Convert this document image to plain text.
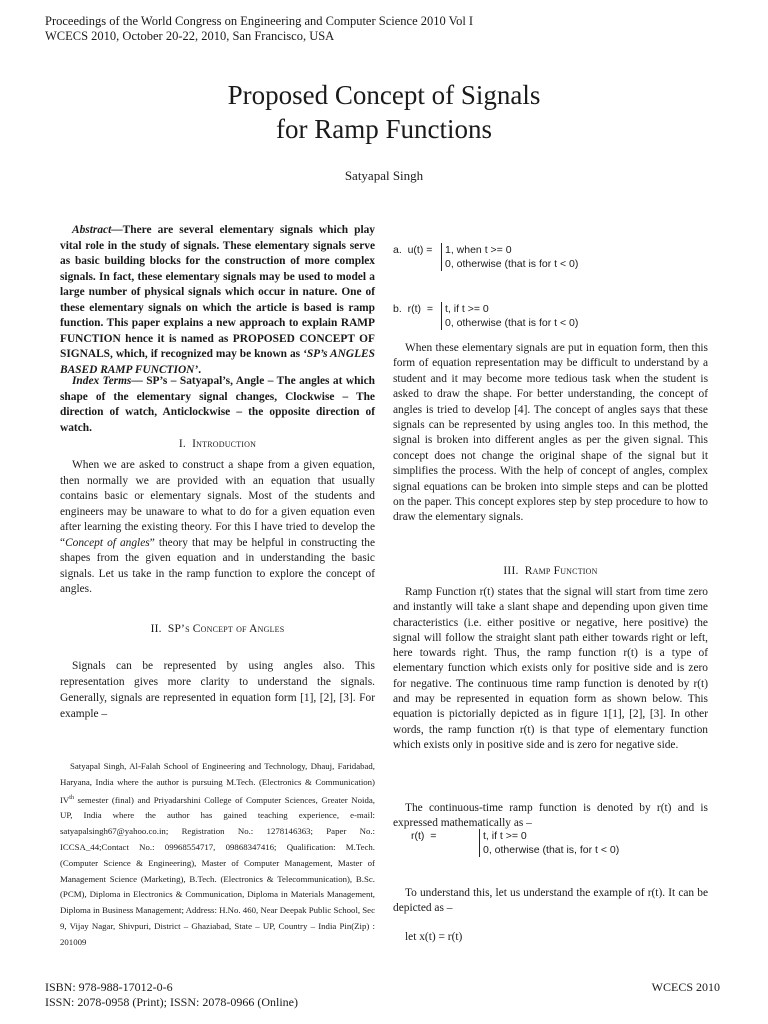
Proceedings of the World Congress on Engineering and Computer Science 2010 Vol I
WCECS 2010, October 20-22, 2010, San Francisco, USA
Proposed Concept of Signals
for Ramp Functions
Satyapal Singh
Abstract—There are several elementary signals which play vital role in the study of signals. These elementary signals serve as basic building blocks for the construction of more complex signals. In fact, these elementary signals may be used to model a large number of physical signals which occur in nature. One of these elementary signals on which the article is based is ramp function. This paper explains a new approach to explain RAMP FUNCTION hence it is named as PROPOSED CONCEPT OF SIGNALS, which, if recognized may be known as ‘SP’s ANGLES BASED RAMP FUNCTION’.
Index Terms— SP’s – Satyapal’s, Angle – The angles at which shape of the elementary signal changes, Clockwise – The direction of watch, Anticlockwise – the opposite direction of watch.
I. Introduction
When we are asked to construct a shape from a given equation, then normally we are provided with an equation that usually contains basic or elementary signals. Most of the students and engineers may be unaware to what to do for a given equation even after learning the existing theory. For this I have tried to develop the “Concept of angles” theory that may be helpful in constructing the shapes from the given equation and in understanding the basic signals. Let us take in the ramp function to explore the concept of angles.
II. SP’s Concept of Angles
Signals can be represented by using angles also. This representation gives more clarity to understand the signals. Generally, signals are represented in equation form [1], [2], [3]. For example –
Satyapal Singh, Al-Falah School of Engineering and Technology, Dhauj, Faridabad, Haryana, India where the author is pursuing M.Tech. (Electronics & Communication) IVth semester (final) and Priyadarshini College of Computer Sciences, Greater Noida, UP, India where the author has gained teaching experience, e-mail: satyapalsingh67@yahoo.co.in; Registration No.: 1278146363; Paper No.: ICCSA_44;Contact No.: 09968554717, 09868347416; Qualification: M.Tech. (Computer Science & Engineering), Master of Computer Management, Master of Management Science (Marketing), B.Tech. (Electronics & Telecommunication), B.Sc. (PCM), Diploma in Electronics & Communication, Diploma in Materials Management, Diploma in Business Management; Address: H.No. 460, Near Deepak Public School, Sec 9, Vijay Nagar, Shivpuri, District – Ghaziabad, State – UP, Country – India Pin(Zip) : 201009
a.  u(t) =	1, when t >= 0
0, otherwise (that is for t < 0)
b.  r(t)  =	t, if t >= 0
0, otherwise (that is for t < 0)
When these elementary signals are put in equation form, then this form of equation representation may be difficult to understand by a student and it may become more tedious task when the student is asked to draw the shape. For better understanding, the concept of angles is tried to develop [4]. The concept of angles says that these signals can be represented by using angles too. In this method, the signal is broken into different angles as per the given signal. This concept does not change the original shape of the signal but it simplifies the process. With the help of concept of angles, complex signal equations can be broken into simple steps and can be plotted on the paper. This concept explores step by step procedure to how to draw the elementary signals.
III. Ramp Function
Ramp Function r(t) states that the signal will start from time zero and instantly will take a slant shape and depending upon given time characteristics (i.e. either positive or negative, here positive) the signal will follow the straight slant path either towards right or left, here towards right. Thus, the ramp function r(t) is a type of elementary function which exists only for positive side and is zero for negative. The continuous time ramp function is denoted by r(t) and may be represented in equation form as shown below. This equation is pictorially depicted as in figure 1[1], [2], [3]. In other words, the ramp function r(t) is that type of elementary function which exists only in positive side and is zero for negative side.
The continuous-time ramp function is denoted by r(t) and is expressed mathematically as –
r(t)  =	t, if t >= 0
0, otherwise (that is, for t < 0)
To understand this, let us understand the example of r(t). It can be depicted as –
let x(t) = r(t)
ISBN: 978-988-17012-0-6
ISSN: 2078-0958 (Print); ISSN: 2078-0966 (Online)
WCECS 2010
